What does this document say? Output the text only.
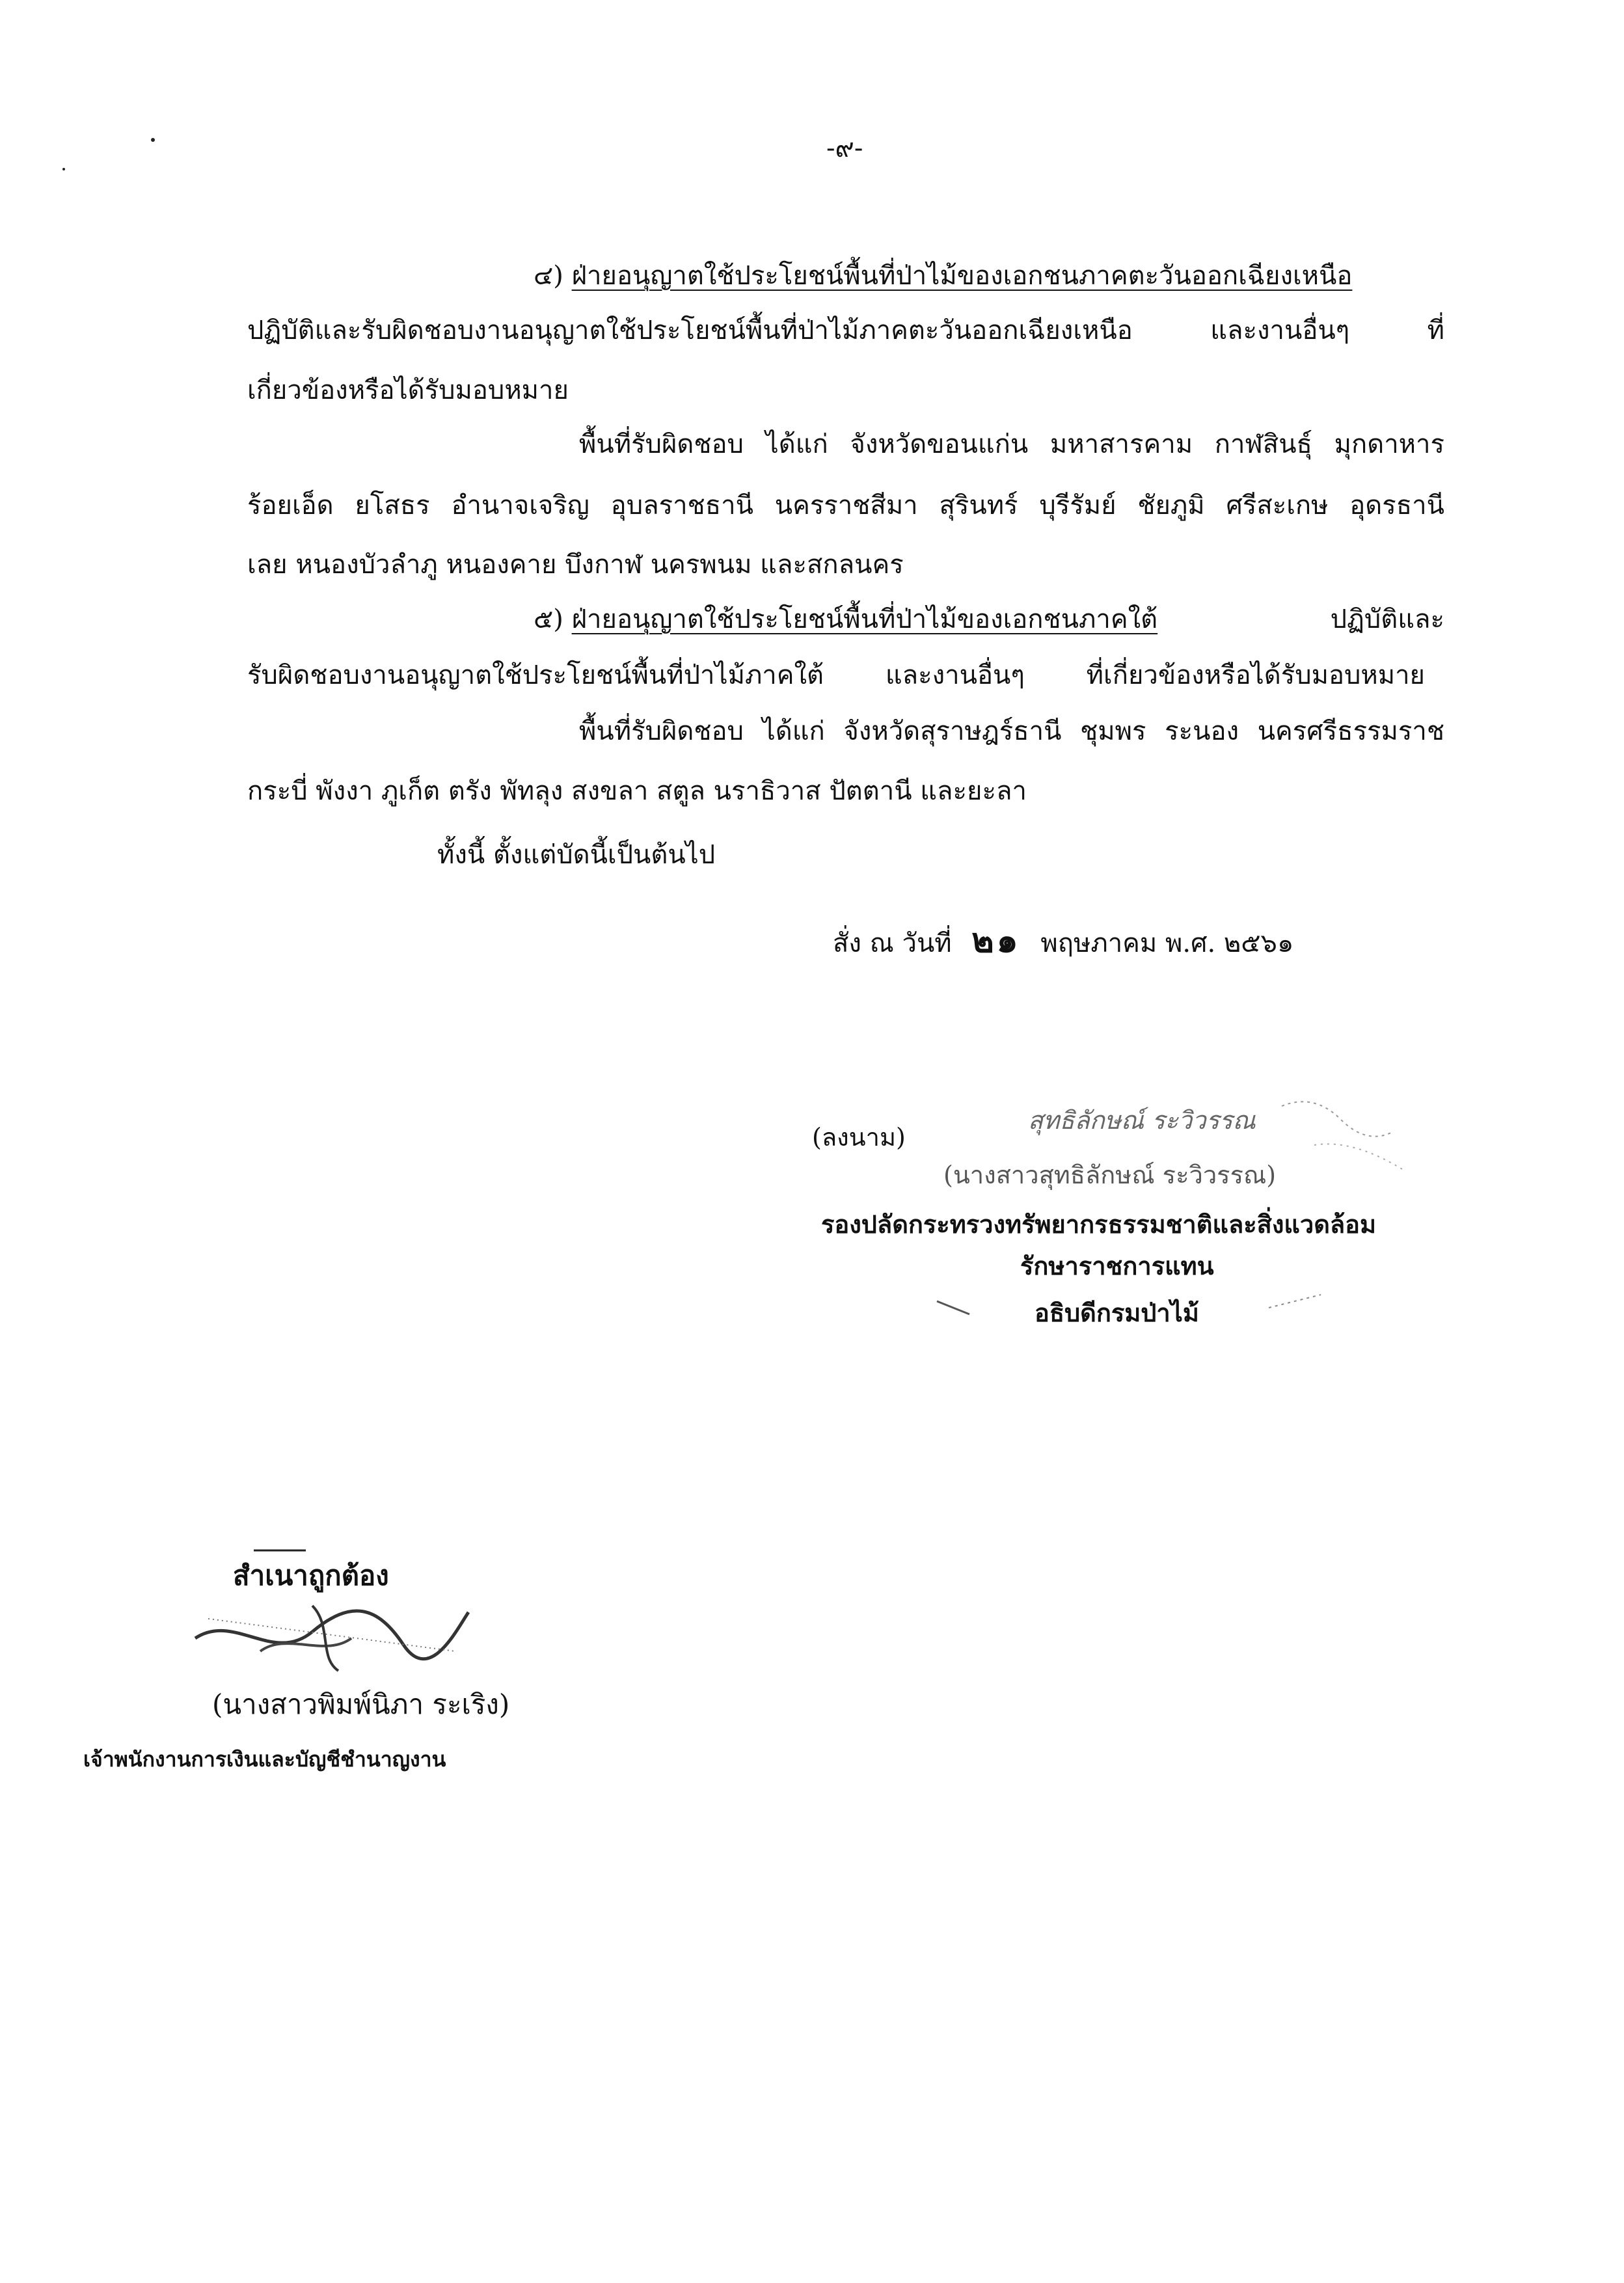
-๙-
๔) ฝ่ายอนุญาตใช้ประโยชน์พื้นที่ป่าไม้ของเอกชนภาคตะวันออกเฉียงเหนือ
ปฏิบัติและรับผิดชอบงานอนุญาตใช้ประโยชน์พื้นที่ป่าไม้ภาคตะวันออกเฉียงเหนือ และงานอื่นๆ ที่
เกี่ยวข้องหรือได้รับมอบหมาย
พื้นที่รับผิดชอบ ได้แก่ จังหวัดขอนแก่น มหาสารคาม กาฬสินธุ์ มุกดาหาร
ร้อยเอ็ด ยโสธร อำนาจเจริญ อุบลราชธานี นครราชสีมา สุรินทร์ บุรีรัมย์ ชัยภูมิ ศรีสะเกษ อุดรธานี
เลย หนองบัวลำภู หนองคาย บึงกาฬ นครพนม และสกลนคร
๕) ฝ่ายอนุญาตใช้ประโยชน์พื้นที่ป่าไม้ของเอกชนภาคใต้	ปฏิบัติและ
รับผิดชอบงานอนุญาตใช้ประโยชน์พื้นที่ป่าไม้ภาคใต้ และงานอื่นๆ ที่เกี่ยวข้องหรือได้รับมอบหมาย
พื้นที่รับผิดชอบ ได้แก่ จังหวัดสุราษฎร์ธานี ชุมพร ระนอง นครศรีธรรมราช
กระบี่ พังงา ภูเก็ต ตรัง พัทลุง สงขลา สตูล นราธิวาส ปัตตานี และยะลา
ทั้งนี้ ตั้งแต่บัดนี้เป็นต้นไป
สั่ง ณ วันที่ ๒๑ พฤษภาคม พ.ศ. ๒๕๖๑
(ลงนาม)
สุทธิลักษณ์ ระวิวรรณ
(นางสาวสุทธิลักษณ์ ระวิวรรณ)
รองปลัดกระทรวงทรัพยากรธรรมชาติและสิ่งแวดล้อม
รักษาราชการแทน
อธิบดีกรมป่าไม้
สำเนาถูกต้อง
(นางสาวพิมพ์นิภา ระเริง)
เจ้าพนักงานการเงินและบัญชีชำนาญงาน
